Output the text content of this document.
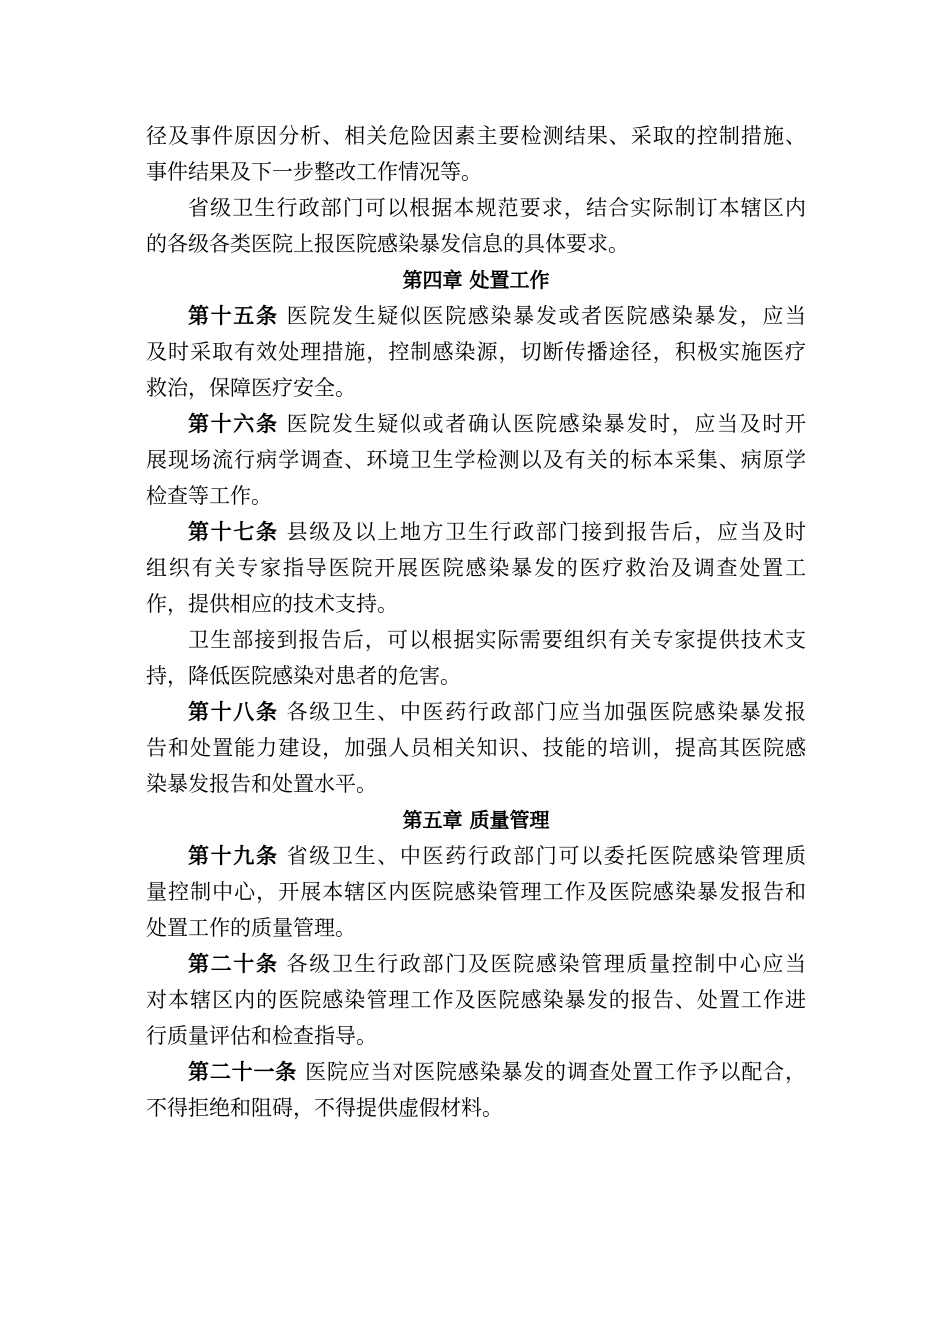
径及事件原因分析、相关危险因素主要检测结果、采取的控制措施、
事件结果及下一步整改工作情况等。
省级卫生行政部门可以根据本规范要求，结合实际制订本辖区内
的各级各类医院上报医院感染暴发信息的具体要求。
第四章 处置工作
第十五条 医院发生疑似医院感染暴发或者医院感染暴发，应当
及时采取有效处理措施，控制感染源，切断传播途径，积极实施医疗
救治，保障医疗安全。
第十六条 医院发生疑似或者确认医院感染暴发时，应当及时开
展现场流行病学调查、环境卫生学检测以及有关的标本采集、病原学
检查等工作。
第十七条 县级及以上地方卫生行政部门接到报告后，应当及时
组织有关专家指导医院开展医院感染暴发的医疗救治及调查处置工
作，提供相应的技术支持。
卫生部接到报告后，可以根据实际需要组织有关专家提供技术支
持，降低医院感染对患者的危害。
第十八条 各级卫生、中医药行政部门应当加强医院感染暴发报
告和处置能力建设，加强人员相关知识、技能的培训，提高其医院感
染暴发报告和处置水平。
第五章 质量管理
第十九条 省级卫生、中医药行政部门可以委托医院感染管理质
量控制中心，开展本辖区内医院感染管理工作及医院感染暴发报告和
处置工作的质量管理。
第二十条 各级卫生行政部门及医院感染管理质量控制中心应当
对本辖区内的医院感染管理工作及医院感染暴发的报告、处置工作进
行质量评估和检查指导。
第二十一条 医院应当对医院感染暴发的调查处置工作予以配合，
不得拒绝和阻碍，不得提供虚假材料。
